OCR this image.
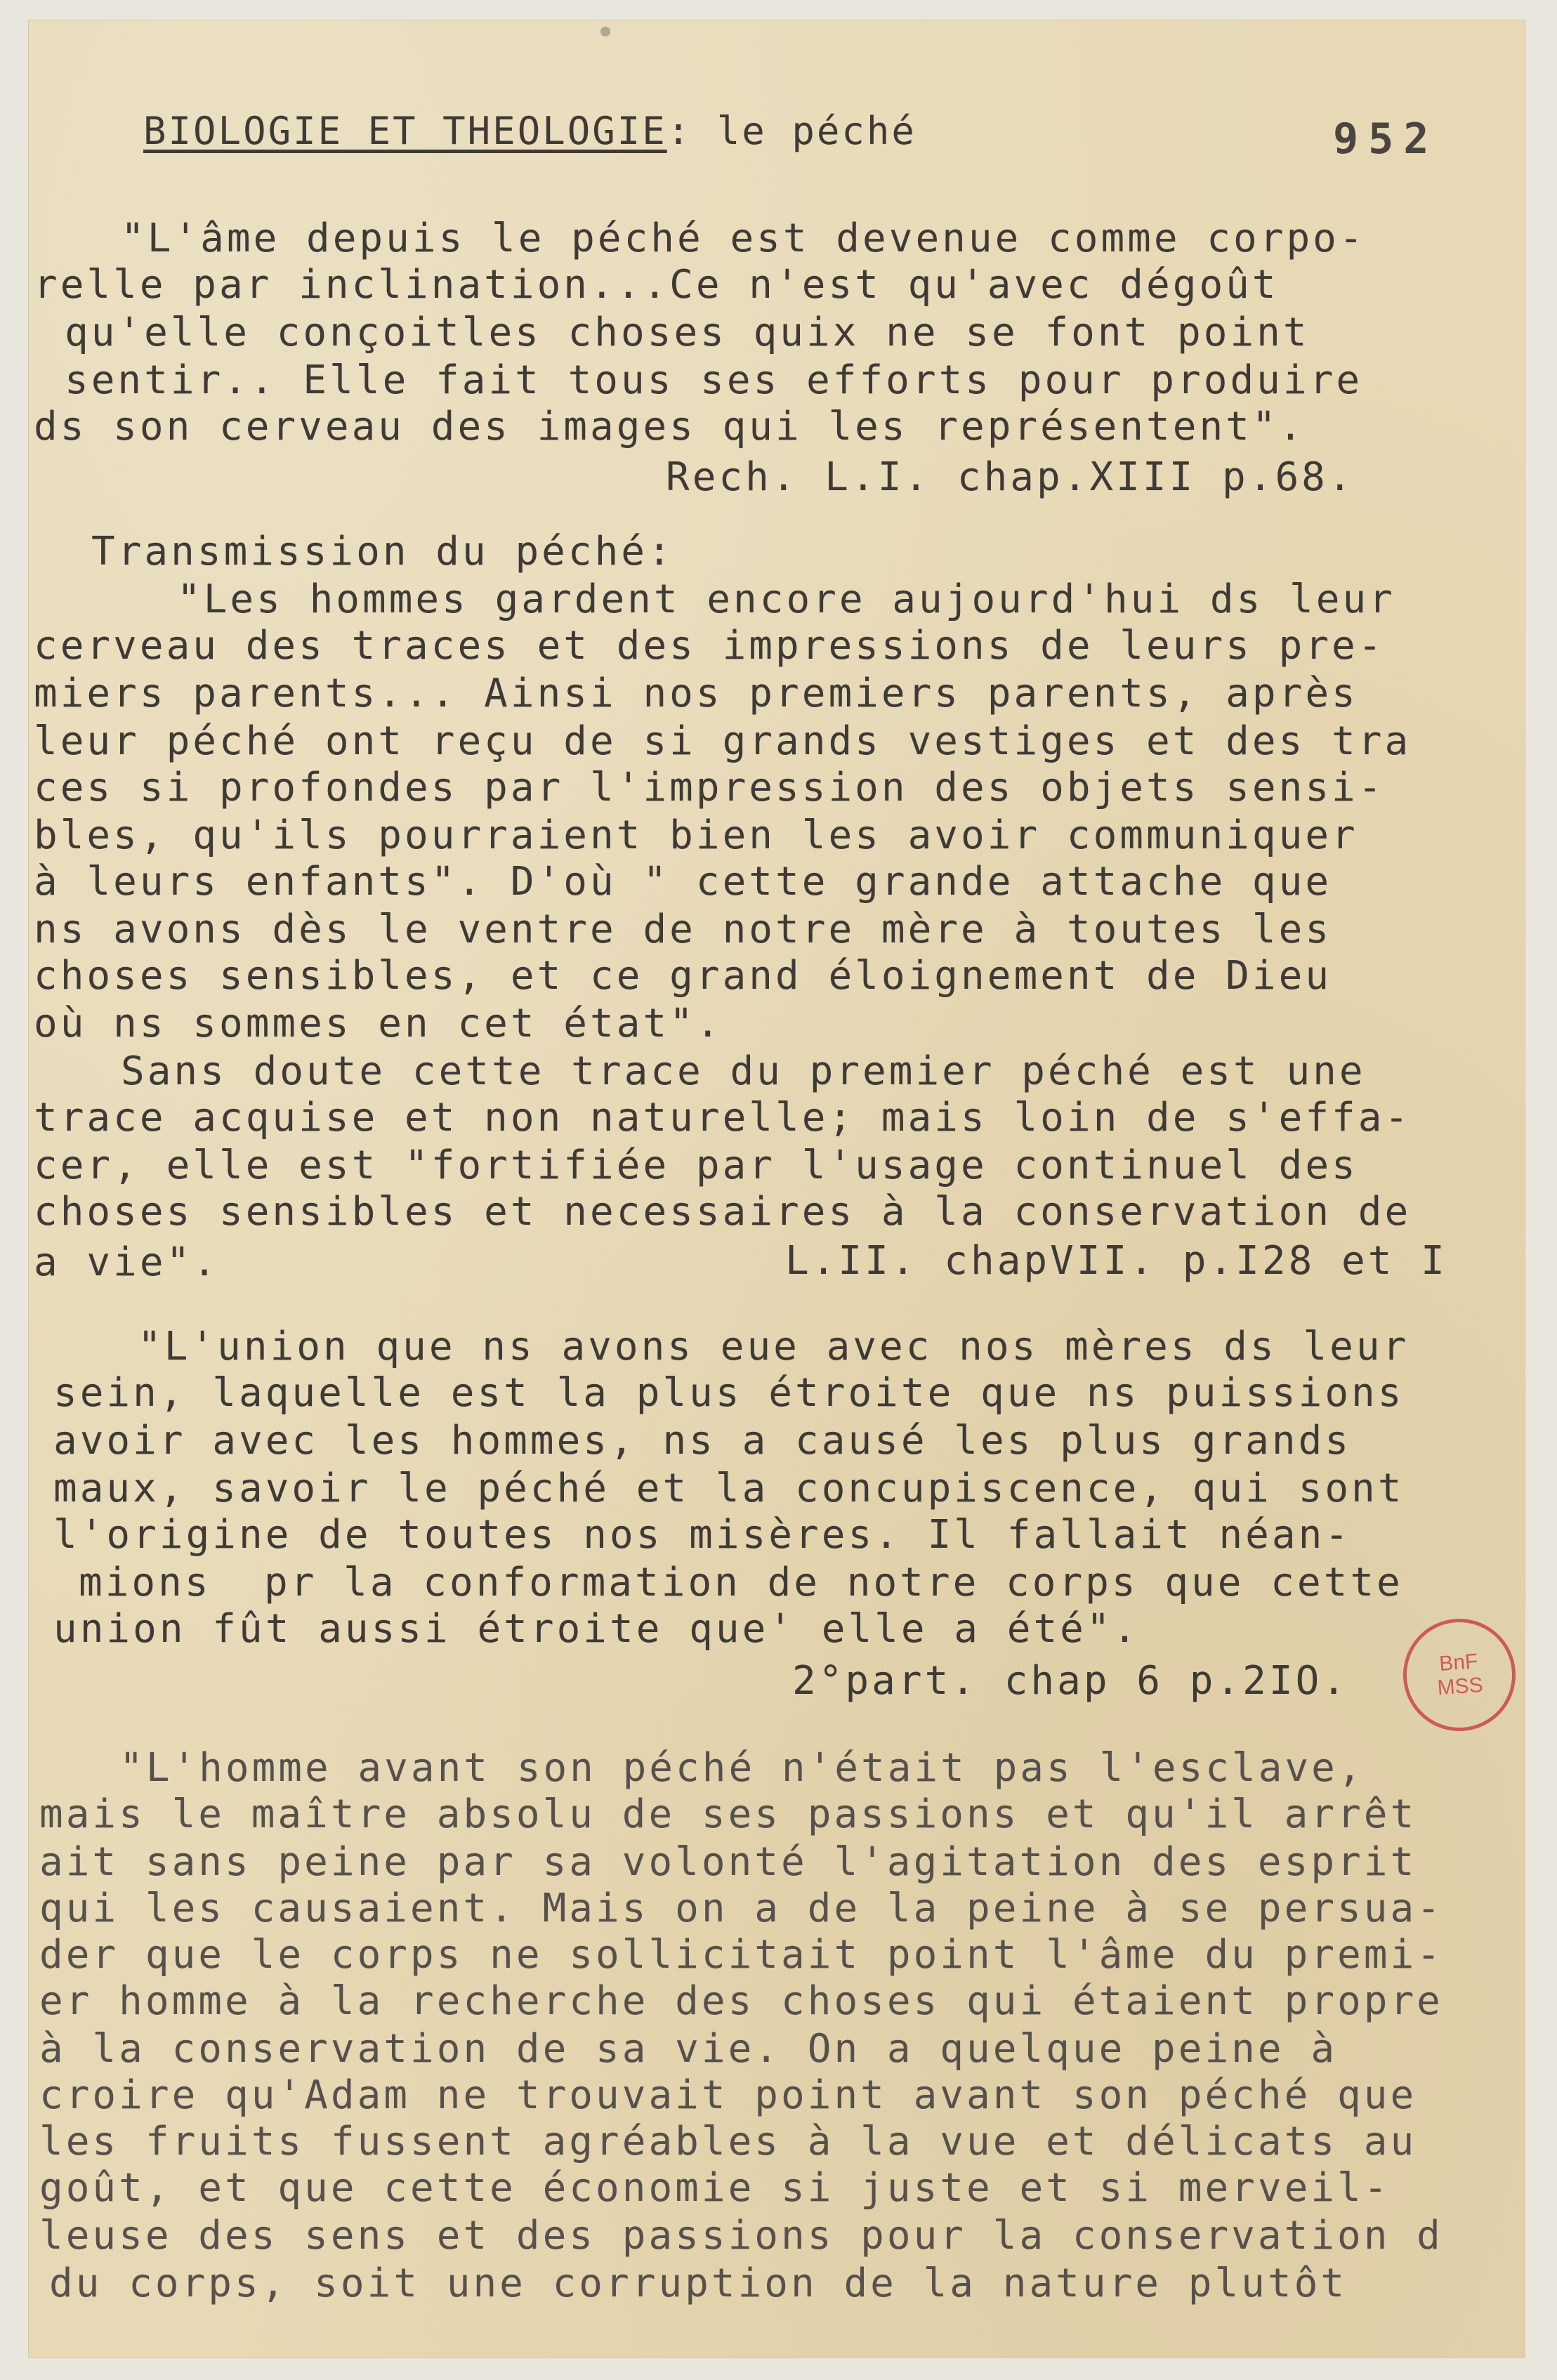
BIOLOGIE ET THEOLOGIE: le péché	952
"L'âme depuis le péché est devenue comme corpo-
relle par inclination...Ce n'est qu'avec dégoût
qu'elle conçoitles choses quix ne se font point
sentir.. Elle fait tous ses efforts pour produire
ds son cerveau des images qui les représentent".
Rech. L.I. chap.XIII p.68.
Transmission du péché:
"Les hommes gardent encore aujourd'hui ds leur
cerveau des traces et des impressions de leurs pre-
miers parents... Ainsi nos premiers parents, après
leur péché ont reçu de si grands vestiges et des tra
ces si profondes par l'impression des objets sensi-
bles, qu'ils pourraient bien les avoir communiquer
à leurs enfants". D'où " cette grande attache que
ns avons dès le ventre de notre mère à toutes les
choses sensibles, et ce grand éloignement de Dieu
où ns sommes en cet état".
Sans doute cette trace du premier péché est une
trace acquise et non naturelle; mais loin de s'effa-
cer, elle est "fortifiée par l'usage continuel des
choses sensibles et necessaires à la conservation de
a vie".	L.II. chapVII. p.I28 et I
"L'union que ns avons eue avec nos mères ds leur
sein, laquelle est la plus étroite que ns puissions
avoir avec les hommes, ns a causé les plus grands
maux, savoir le péché et la concupiscence, qui sont
l'origine de toutes nos misères. Il fallait néan-
mions  pr la conformation de notre corps que cette
union fût aussi étroite que' elle a été".
2°part. chap 6 p.2IO.
"L'homme avant son péché n'était pas l'esclave,
mais le maître absolu de ses passions et qu'il arrêt
ait sans peine par sa volonté l'agitation des esprit
qui les causaient. Mais on a de la peine à se persua-
der que le corps ne sollicitait point l'âme du premi-
er homme à la recherche des choses qui étaient propre
à la conservation de sa vie. On a quelque peine à
croire qu'Adam ne trouvait point avant son péché que
les fruits fussent agréables à la vue et délicats au
goût, et que cette économie si juste et si merveil-
leuse des sens et des passions pour la conservation d
du corps, soit une corruption de la nature plutôt
BnF
MSS
